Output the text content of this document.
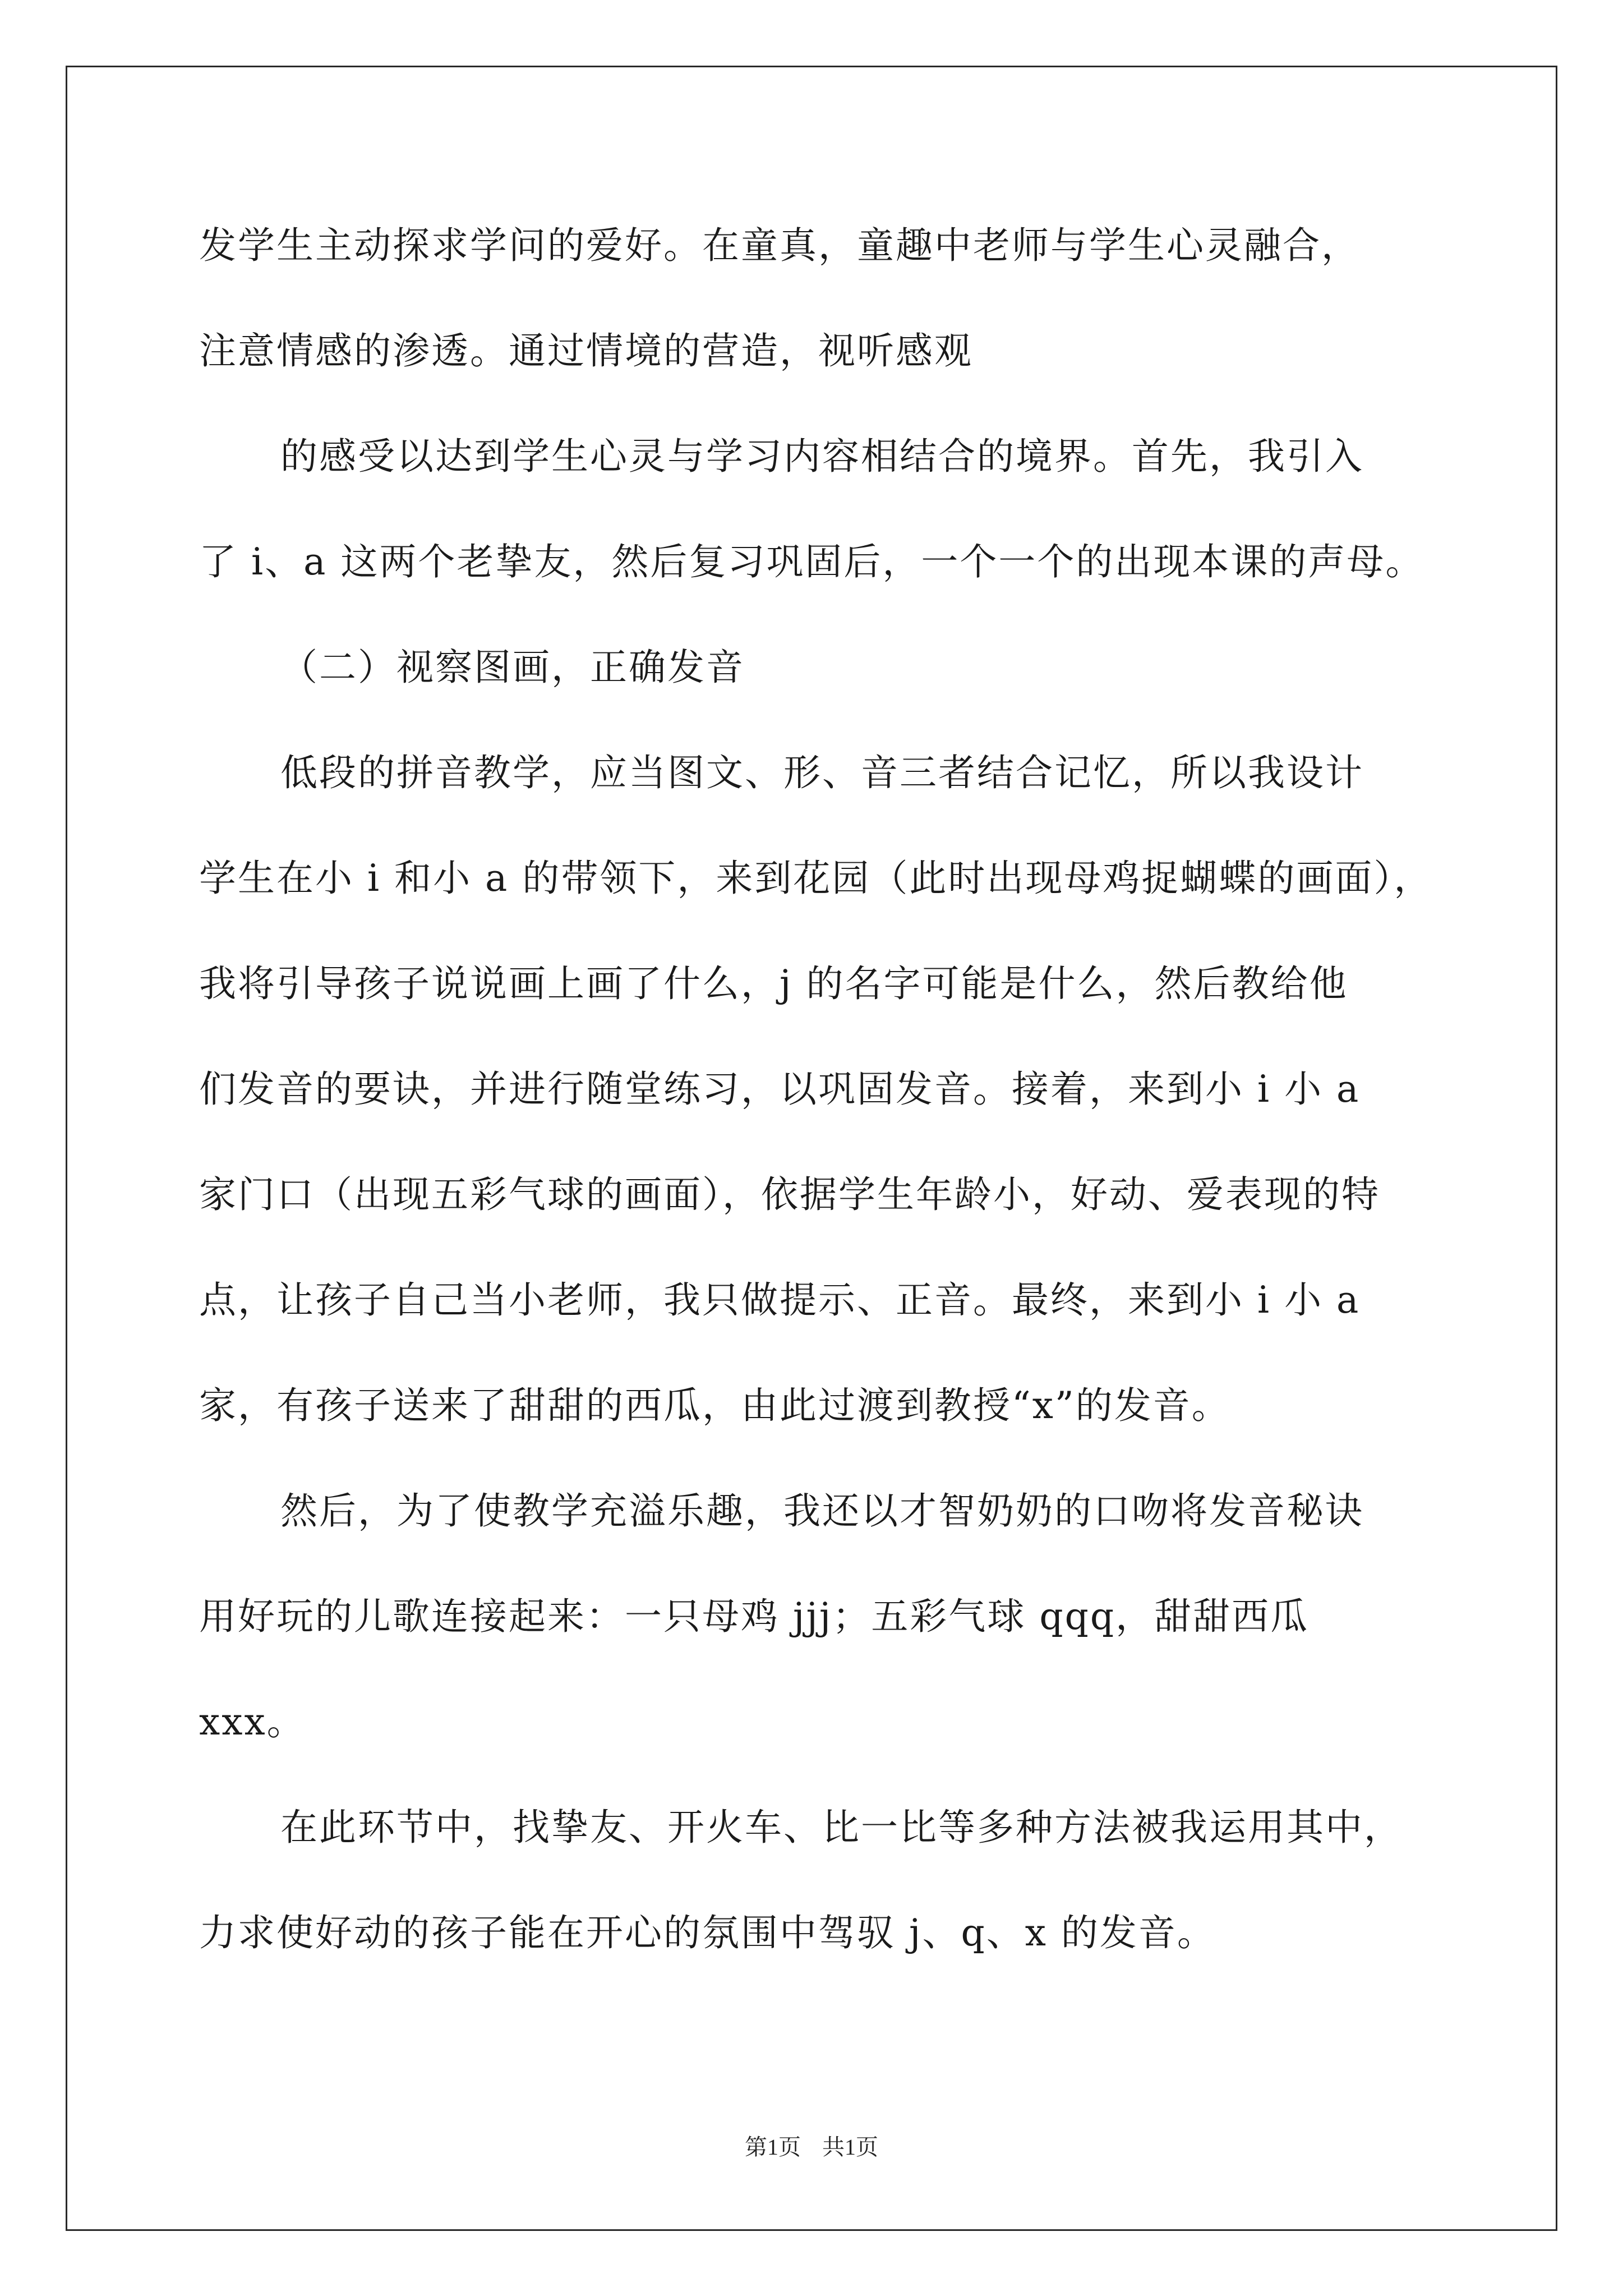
发学生主动探求学问的爱好。在童真，童趣中老师与学生心灵融合，
注意情感的渗透。通过情境的营造，视听感观
的感受以达到学生心灵与学习内容相结合的境界。首先，我引入
了 i、a 这两个老挚友，然后复习巩固后，一个一个的出现本课的声母。
（二）视察图画，正确发音
低段的拼音教学，应当图文、形、音三者结合记忆，所以我设计
学生在小 i 和小 a 的带领下，来到花园（此时出现母鸡捉蝴蝶的画面），
我将引导孩子说说画上画了什么，j 的名字可能是什么，然后教给他
们发音的要诀，并进行随堂练习，以巩固发音。接着，来到小 i 小 a
家门口（出现五彩气球的画面），依据学生年龄小，好动、爱表现的特
点，让孩子自己当小老师，我只做提示、正音。最终，来到小 i 小 a
家，有孩子送来了甜甜的西瓜，由此过渡到教授“x”的发音。
然后，为了使教学充溢乐趣，我还以才智奶奶的口吻将发音秘诀
用好玩的儿歌连接起来：一只母鸡 jjj；五彩气球 qqq，甜甜西瓜
xxx。
在此环节中，找挚友、开火车、比一比等多种方法被我运用其中，
力求使好动的孩子能在开心的氛围中驾驭 j、q、x 的发音。
第1页 共1页
